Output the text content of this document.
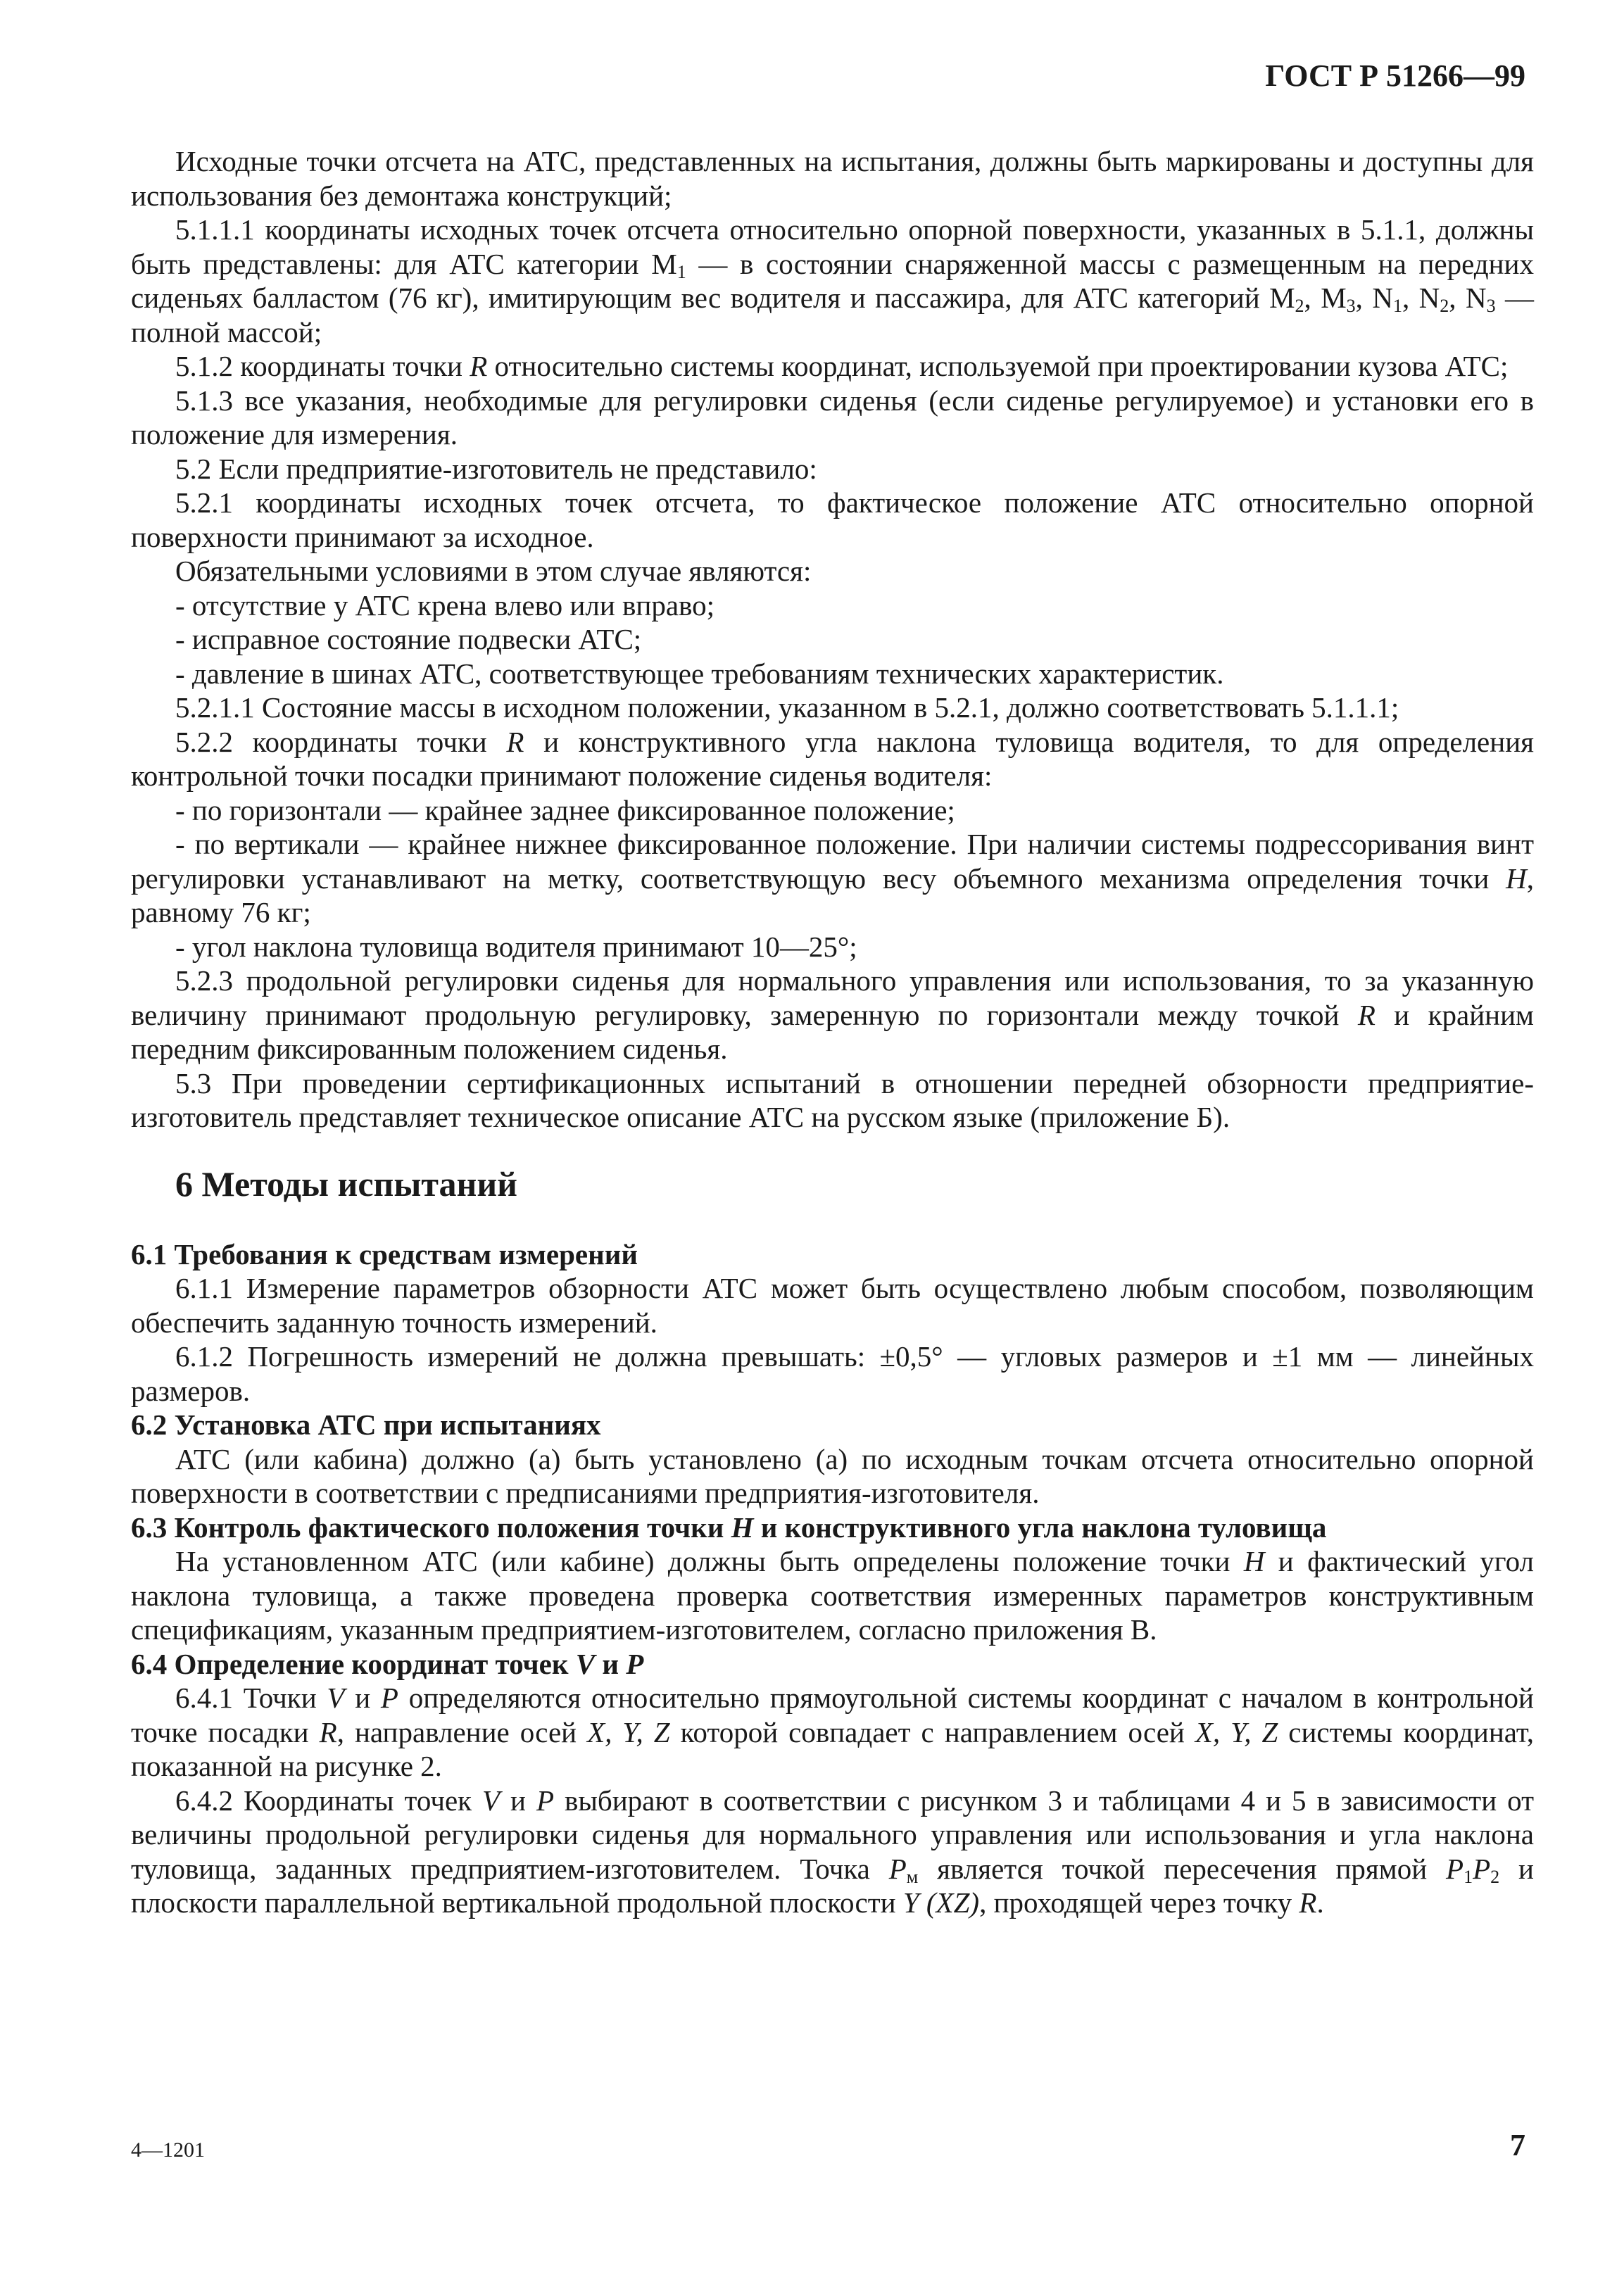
ГОСТ Р 51266—99

Исходные точки отсчета на АТС, представленных на испытания, должны быть маркированы и доступны для использования без демонтажа конструкций;

5.1.1.1 координаты исходных точек отсчета относительно опорной поверхности, указанных в 5.1.1, должны быть представлены: для АТС категории $М_1$ — в состоянии снаряженной массы с размещенным на передних сиденьях балластом (76 кг), имитирующим вес водителя и пассажира, для АТС категорий $М_2$, $М_3$, $N_1$, $N_2$, $N_3$ — полной массой;

5.1.2 координаты точки R относительно системы координат, используемой при проектировании кузова АТС;

5.1.3 все указания, необходимые для регулировки сиденья (если сиденье регулируемое) и установки его в положение для измерения.

5.2 Если предприятие-изготовитель не представило:

5.2.1 координаты исходных точек отсчета, то фактическое положение АТС относительно опорной поверхности принимают за исходное.

Обязательными условиями в этом случае являются:

- отсутствие у АТС крена влево или вправо;

- исправное состояние подвески АТС;

- давление в шинах АТС, соответствующее требованиям технических характеристик.

5.2.1.1 Состояние массы в исходном положении, указанном в 5.2.1, должно соответствовать 5.1.1.1;

5.2.2 координаты точки R и конструктивного угла наклона туловища водителя, то для определения контрольной точки посадки принимают положение сиденья водителя:

- по горизонтали — крайнее заднее фиксированное положение;

- по вертикали — крайнее нижнее фиксированное положение. При наличии системы подрессоривания винт регулировки устанавливают на метку, соответствующую весу объемного механизма определения точки Н, равному 76 кг;

- угол наклона туловища водителя принимают 10—25°;

5.2.3 продольной регулировки сиденья для нормального управления или использования, то за указанную величину принимают продольную регулировку, замеренную по горизонтали между точкой R и крайним передним фиксированным положением сиденья.

5.3 При проведении сертификационных испытаний в отношении передней обзорности предприятие-изготовитель представляет техническое описание АТС на русском языке (приложение Б).

6 Методы испытаний

6.1 Требования к средствам измерений

6.1.1 Измерение параметров обзорности АТС может быть осуществлено любым способом, позволяющим обеспечить заданную точность измерений.

6.1.2 Погрешность измерений не должна превышать: ±0,5° — угловых размеров и ±1 мм — линейных размеров.

6.2 Установка АТС при испытаниях

АТС (или кабина) должно (а) быть установлено (а) по исходным точкам отсчета относительно опорной поверхности в соответствии с предписаниями предприятия-изготовителя.

6.3 Контроль фактического положения точки Н и конструктивного угла наклона туловища

На установленном АТС (или кабине) должны быть определены положение точки Н и фактический угол наклона туловища, а также проведена проверка соответствия измеренных параметров конструктивным спецификациям, указанным предприятием-изготовителем, согласно приложения В.

6.4 Определение координат точек V и Р

6.4.1 Точки V и Р определяются относительно прямоугольной системы координат с началом в контрольной точке посадки R, направление осей X, Y, Z которой совпадает с направлением осей X, Y, Z системы координат, показанной на рисунке 2.

6.4.2 Координаты точек V и Р выбирают в соответствии с рисунком 3 и таблицами 4 и 5 в зависимости от величины продольной регулировки сиденья для нормального управления или использования и угла наклона туловища, заданных предприятием-изготовителем. Точка $Р_м$ является точкой пересечения прямой $Р_1Р_2$ и плоскости параллельной вертикальной продольной плоскости Y (XZ), проходящей через точку R.

4—1201	7
